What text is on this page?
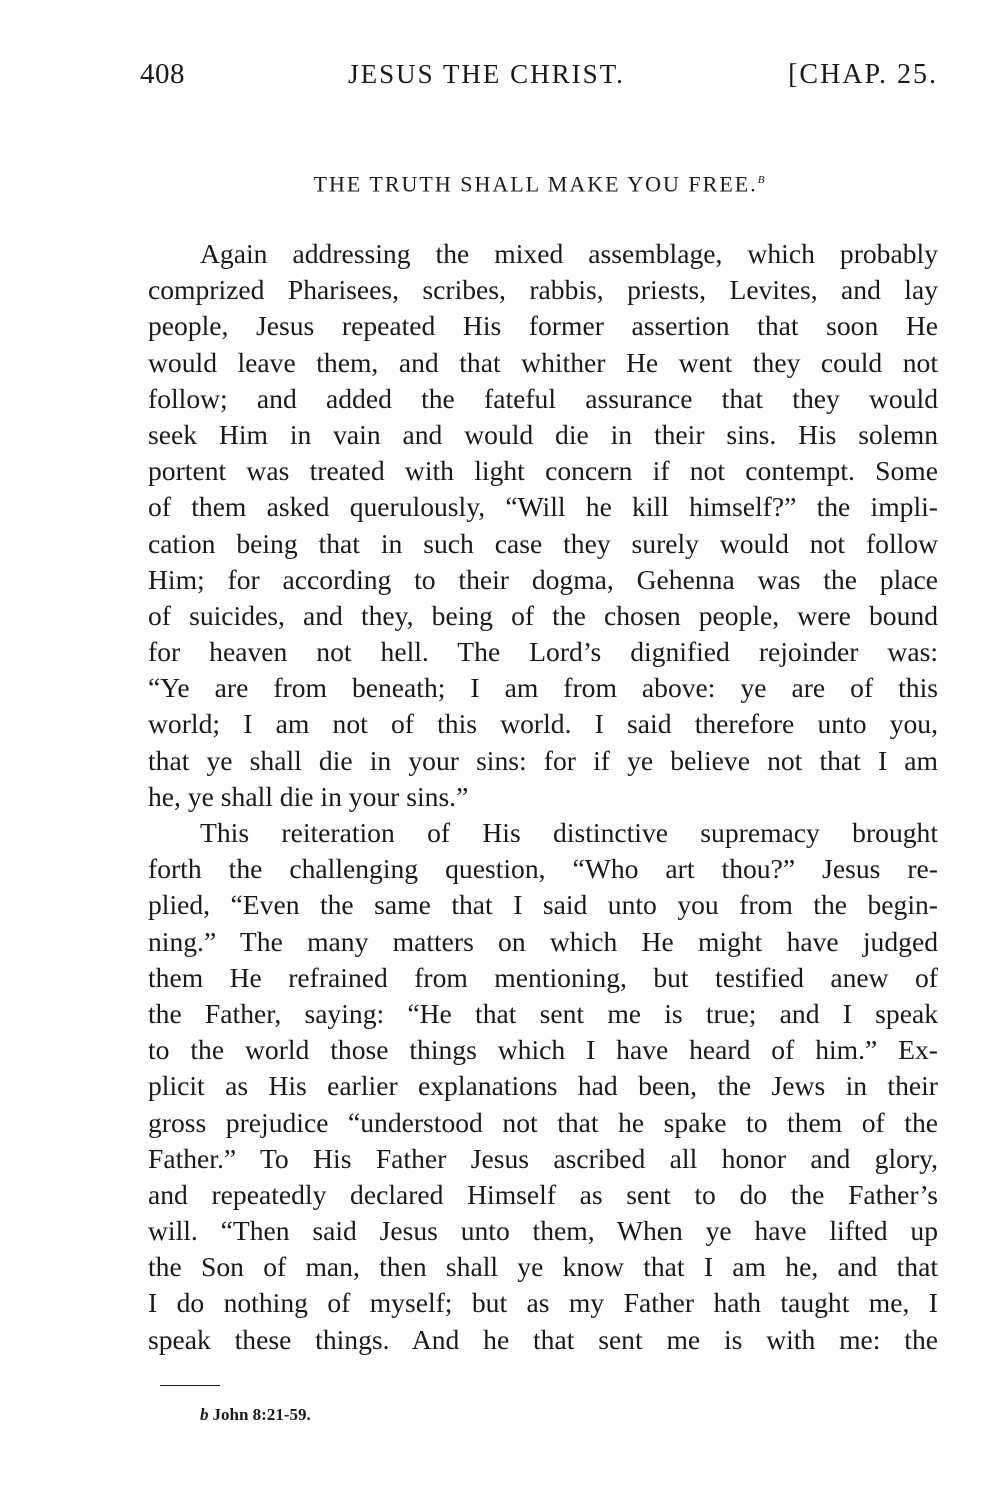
408	JESUS THE CHRIST.	[CHAP. 25.
THE TRUTH SHALL MAKE YOU FREE.$^b$
Again addressing the mixed assemblage, which probably
comprized Pharisees, scribes, rabbis, priests, Levites, and lay
people, Jesus repeated His former assertion that soon He
would leave them, and that whither He went they could not
follow; and added the fateful assurance that they would
seek Him in vain and would die in their sins. His solemn
portent was treated with light concern if not contempt. Some
of them asked querulously, “Will he kill himself?” the impli-
cation being that in such case they surely would not follow
Him; for according to their dogma, Gehenna was the place
of suicides, and they, being of the chosen people, were bound
for heaven not hell. The Lord’s dignified rejoinder was:
“Ye are from beneath; I am from above: ye are of this
world; I am not of this world. I said therefore unto you,
that ye shall die in your sins: for if ye believe not that I am
he, ye shall die in your sins.”
This reiteration of His distinctive supremacy brought
forth the challenging question, “Who art thou?” Jesus re-
plied, “Even the same that I said unto you from the begin-
ning.” The many matters on which He might have judged
them He refrained from mentioning, but testified anew of
the Father, saying: “He that sent me is true; and I speak
to the world those things which I have heard of him.” Ex-
plicit as His earlier explanations had been, the Jews in their
gross prejudice “understood not that he spake to them of the
Father.” To His Father Jesus ascribed all honor and glory,
and repeatedly declared Himself as sent to do the Father’s
will. “Then said Jesus unto them, When ye have lifted up
the Son of man, then shall ye know that I am he, and that
I do nothing of myself; but as my Father hath taught me, I
speak these things. And he that sent me is with me: the
b John 8:21-59.
